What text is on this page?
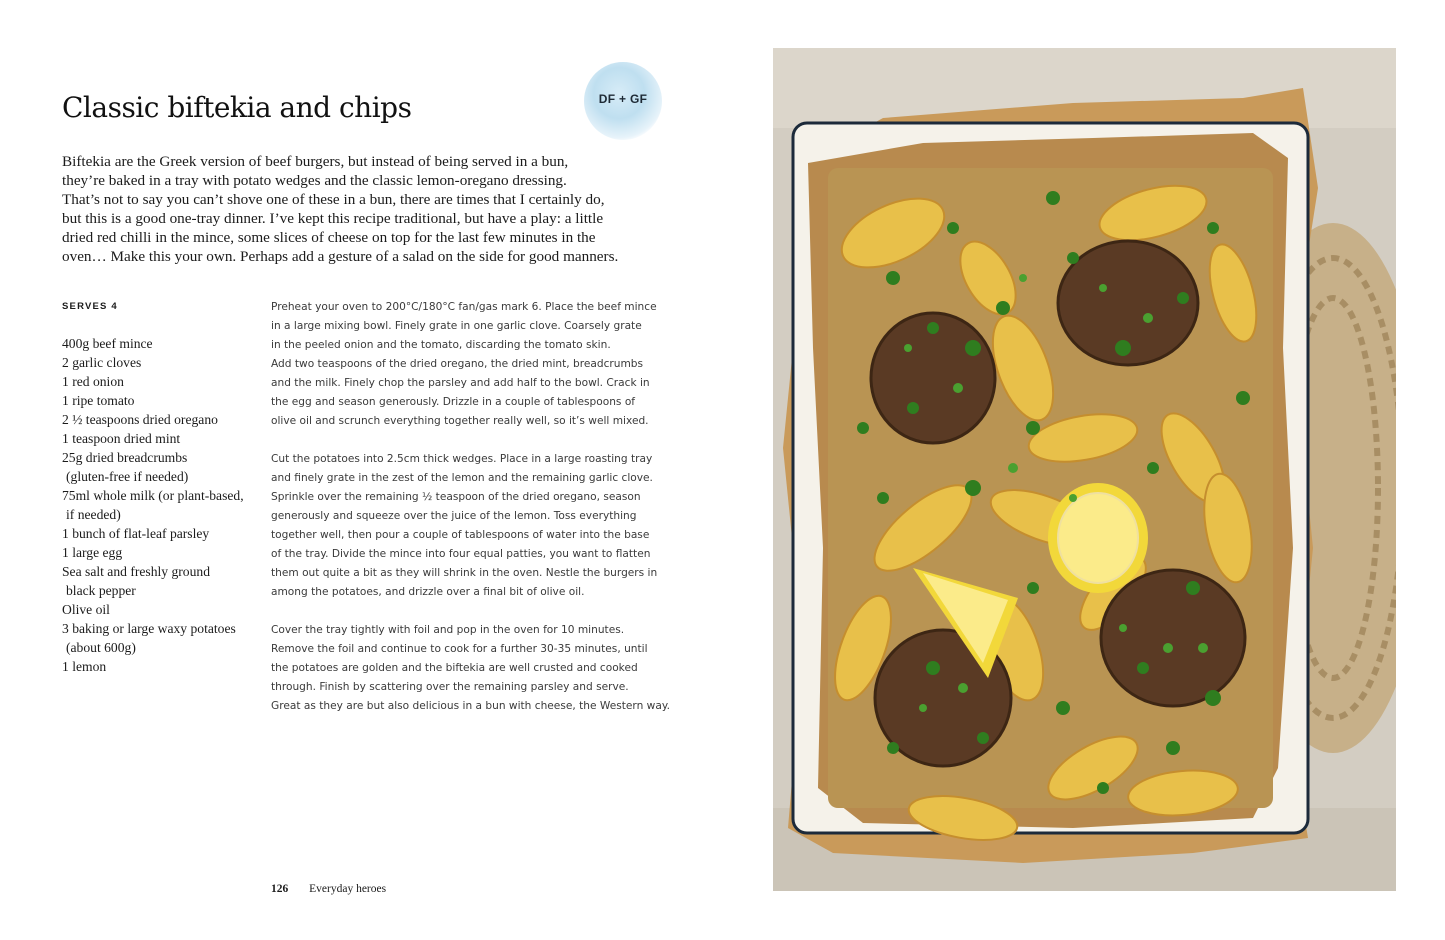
Classic biftekia and chips	DF + GF
Biftekia are the Greek version of beef burgers, but instead of being served in a bun,
they’re baked in a tray with potato wedges and the classic lemon-oregano dressing.
That’s not to say you can’t shove one of these in a bun, there are times that I certainly do,
but this is a good one-tray dinner. I’ve kept this recipe traditional, but have a play: a little
dried red chilli in the mince, some slices of cheese on top for the last few minutes in the
oven… Make this your own. Perhaps add a gesture of a salad on the side for good manners.
SERVES 4
400g beef mince
2 garlic cloves
1 red onion
1 ripe tomato
2 ½ teaspoons dried oregano
1 teaspoon dried mint
25g dried breadcrumbs
(gluten-free if needed)
75ml whole milk (or plant-based,
if needed)
1 bunch of flat-leaf parsley
1 large egg
Sea salt and freshly ground
black pepper
Olive oil
3 baking or large waxy potatoes
(about 600g)
1 lemon
Preheat your oven to 200°C/180°C fan/gas mark 6. Place the beef mince
in a large mixing bowl. Finely grate in one garlic clove. Coarsely grate
in the peeled onion and the tomato, discarding the tomato skin.
Add two teaspoons of the dried oregano, the dried mint, breadcrumbs
and the milk. Finely chop the parsley and add half to the bowl. Crack in
the egg and season generously. Drizzle in a couple of tablespoons of
olive oil and scrunch everything together really well, so it’s well mixed.
Cut the potatoes into 2.5cm thick wedges. Place in a large roasting tray
and finely grate in the zest of the lemon and the remaining garlic clove.
Sprinkle over the remaining ½ teaspoon of the dried oregano, season
generously and squeeze over the juice of the lemon. Toss everything
together well, then pour a couple of tablespoons of water into the base
of the tray. Divide the mince into four equal patties, you want to flatten
them out quite a bit as they will shrink in the oven. Nestle the burgers in
among the potatoes, and drizzle over a final bit of olive oil.
Cover the tray tightly with foil and pop in the oven for 10 minutes.
Remove the foil and continue to cook for a further 30-35 minutes, until
the potatoes are golden and the biftekia are well crusted and cooked
through. Finish by scattering over the remaining parsley and serve.
Great as they are but also delicious in a bun with cheese, the Western way.
126 Everyday heroes
